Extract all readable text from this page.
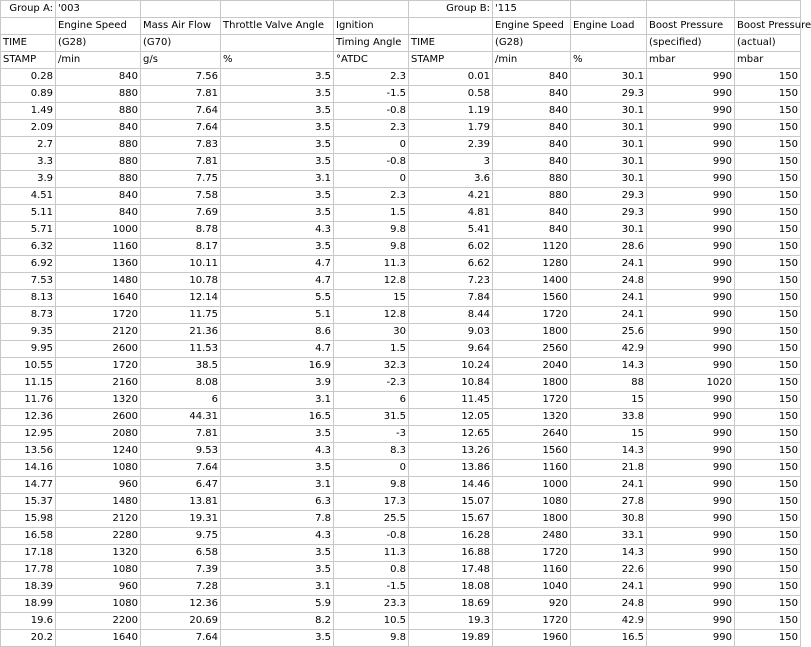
Group A:	'003				Group B:	'115			
	Engine Speed	Mass Air Flow	Throttle Valve Angle	Ignition		Engine Speed	Engine Load	Boost Pressure	Boost Pressure
TIME	(G28)	(G70)		Timing Angle	TIME	(G28)		(specified)	(actual)
STAMP	/min	g/s	%	°ATDC	STAMP	/min	%	mbar	mbar
0.28	840	7.56	3.5	2.3	0.01	840	30.1	990	150
0.89	880	7.81	3.5	-1.5	0.58	840	29.3	990	150
1.49	880	7.64	3.5	-0.8	1.19	840	30.1	990	150
2.09	840	7.64	3.5	2.3	1.79	840	30.1	990	150
2.7	880	7.83	3.5	0	2.39	840	30.1	990	150
3.3	880	7.81	3.5	-0.8	3	840	30.1	990	150
3.9	880	7.75	3.1	0	3.6	880	30.1	990	150
4.51	840	7.58	3.5	2.3	4.21	880	29.3	990	150
5.11	840	7.69	3.5	1.5	4.81	840	29.3	990	150
5.71	1000	8.78	4.3	9.8	5.41	840	30.1	990	150
6.32	1160	8.17	3.5	9.8	6.02	1120	28.6	990	150
6.92	1360	10.11	4.7	11.3	6.62	1280	24.1	990	150
7.53	1480	10.78	4.7	12.8	7.23	1400	24.8	990	150
8.13	1640	12.14	5.5	15	7.84	1560	24.1	990	150
8.73	1720	11.75	5.1	12.8	8.44	1720	24.1	990	150
9.35	2120	21.36	8.6	30	9.03	1800	25.6	990	150
9.95	2600	11.53	4.7	1.5	9.64	2560	42.9	990	150
10.55	1720	38.5	16.9	32.3	10.24	2040	14.3	990	150
11.15	2160	8.08	3.9	-2.3	10.84	1800	88	1020	150
11.76	1320	6	3.1	6	11.45	1720	15	990	150
12.36	2600	44.31	16.5	31.5	12.05	1320	33.8	990	150
12.95	2080	7.81	3.5	-3	12.65	2640	15	990	150
13.56	1240	9.53	4.3	8.3	13.26	1560	14.3	990	150
14.16	1080	7.64	3.5	0	13.86	1160	21.8	990	150
14.77	960	6.47	3.1	9.8	14.46	1000	24.1	990	150
15.37	1480	13.81	6.3	17.3	15.07	1080	27.8	990	150
15.98	2120	19.31	7.8	25.5	15.67	1800	30.8	990	150
16.58	2280	9.75	4.3	-0.8	16.28	2480	33.1	990	150
17.18	1320	6.58	3.5	11.3	16.88	1720	14.3	990	150
17.78	1080	7.39	3.5	0.8	17.48	1160	22.6	990	150
18.39	960	7.28	3.1	-1.5	18.08	1040	24.1	990	150
18.99	1080	12.36	5.9	23.3	18.69	920	24.8	990	150
19.6	2200	20.69	8.2	10.5	19.3	1720	42.9	990	150
20.2	1640	7.64	3.5	9.8	19.89	1960	16.5	990	150
